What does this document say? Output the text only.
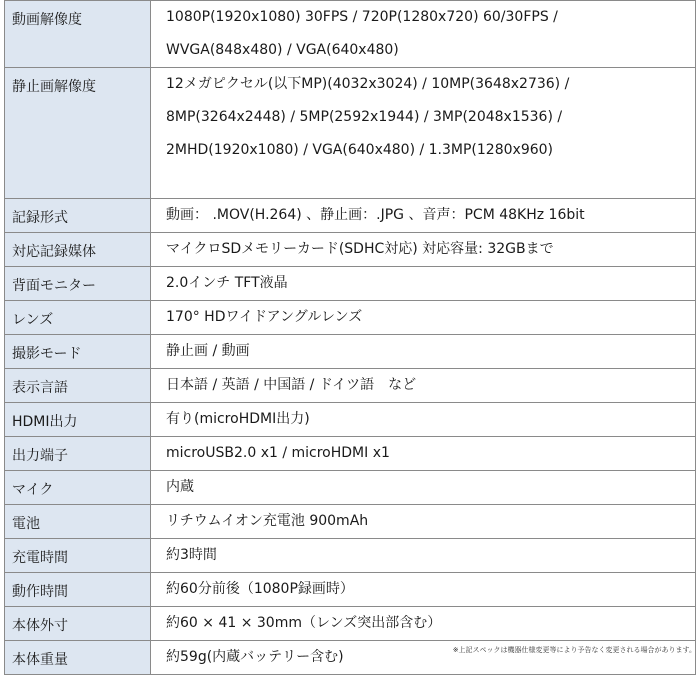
動画解像度	1080P(1920x1080) 30FPS / 720P(1280x720) 60/30FPS /
WVGA(848x480) / VGA(640x480)

静止画解像度	12メガピクセル(以下MP)(4032x3024) / 10MP(3648x2736) /
8MP(3264x2448) / 5MP(2592x1944) / 3MP(2048x1536) /
2MHD(1920x1080) / VGA(640x480) / 1.3MP(1280x960)

記録形式	動画： .MOV(H.264) 、静止画：.JPG 、音声：PCM 48KHz 16bit

対応記録媒体	マイクロSDメモリーカード(SDHC対応) 対応容量: 32GBまで

背面モニター	2.0インチ TFT液晶

レンズ	170° HDワイドアングルレンズ

撮影モード	静止画 / 動画

表示言語	日本語 / 英語 / 中国語 / ドイツ語　など

HDMI出力	有り(microHDMI出力)

出力端子	microUSB2.0 x1 / microHDMI x1

マイク	内蔵

電池	リチウムイオン充電池 900mAh

充電時間	約3時間

動作時間	約60分前後（1080P録画時）

本体外寸	約60 × 41 × 30mm（レンズ突出部含む）

本体重量	約59g(内蔵バッテリー含む)	※上記スペックは機器仕様変更等により予告なく変更される場合があります。
